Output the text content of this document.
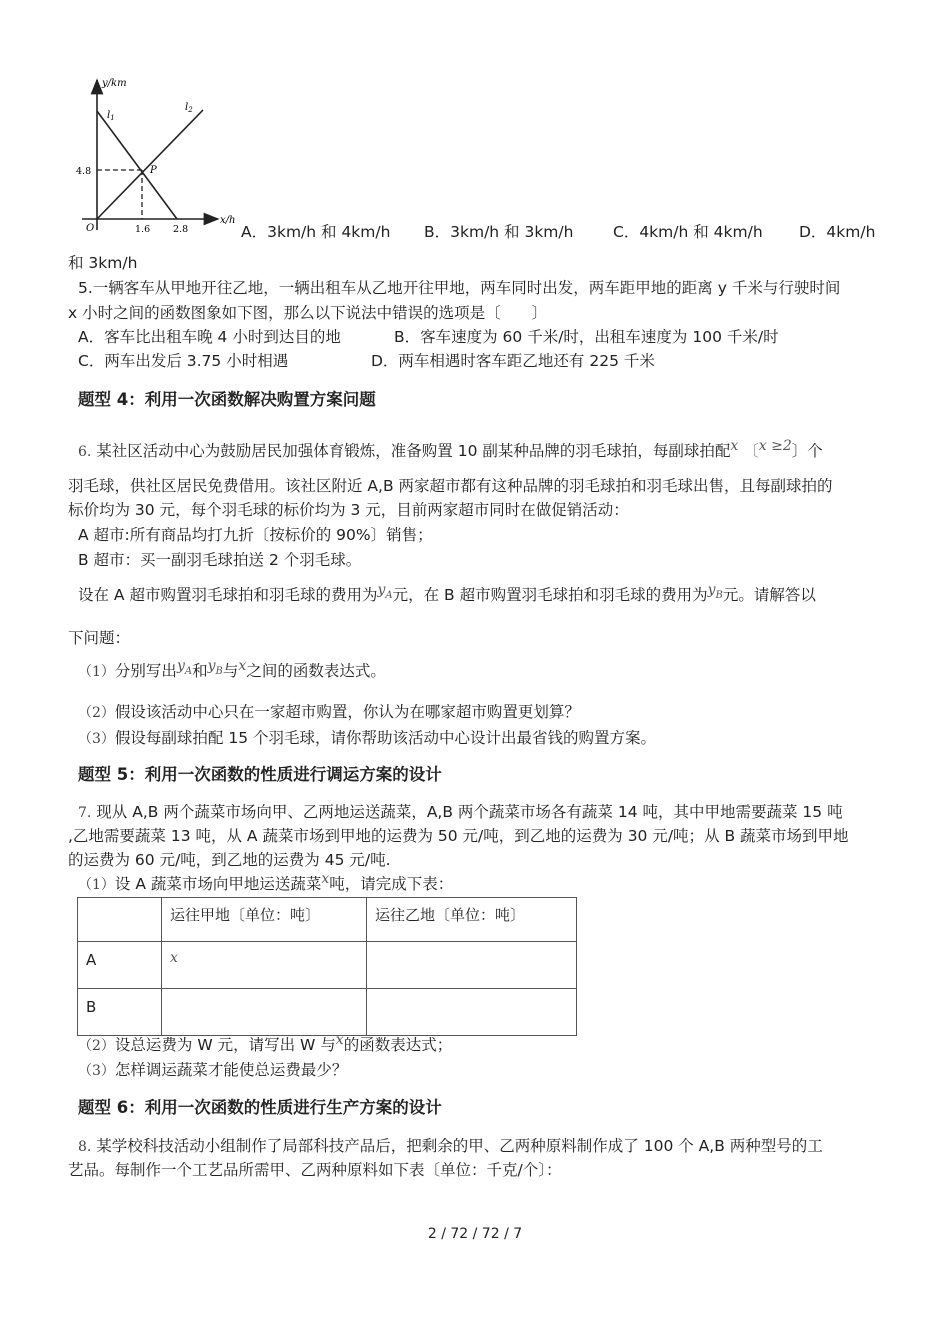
y/km
x/h
O
$l_1$
$l_2$
P
4.8
1.6 2.8	A．3km/h 和 4km/h B．3km/h 和 3km/h	C．4km/h 和 4km/h D．4km/h
和 3km/h
5.一辆客车从甲地开往乙地，一辆出租车从乙地开往甲地，两车同时出发，两车距甲地的距离 y 千米与行驶时间
x 小时之间的函数图象如下图，那么以下说法中错误的选项是〔　　〕
A．客车比出租车晚 4 小时到达目的地	B．客车速度为 60 千米/时，出租车速度为 100 千米/时
C．两车出发后 3.75 小时相遇	D．两车相遇时客车距乙地还有 225 千米
题型 4：利用一次函数解决购置方案问题
6. 某社区活动中心为鼓励居民加强体育锻炼，准备购置 10 副某种品牌的羽毛球拍，每副球拍配x 〔x ≥2〕个
羽毛球，供社区居民免费借用。该社区附近 A,B 两家超市都有这种品牌的羽毛球拍和羽毛球出售，且每副球拍的
标价均为 30 元，每个羽毛球的标价均为 3 元，目前两家超市同时在做促销活动：
A 超市:所有商品均打九折〔按标价的 90%〕销售；
B 超市：买一副羽毛球拍送 2 个羽毛球。
设在 A 超市购置羽毛球拍和羽毛球的费用为yA元，在 B 超市购置羽毛球拍和羽毛球的费用为yB元。请解答以
下问题：
（1）分别写出yA和yB与x之间的函数表达式。
（2）假设该活动中心只在一家超市购置，你认为在哪家超市购置更划算？
（3）假设每副球拍配 15 个羽毛球，请你帮助该活动中心设计出最省钱的购置方案。
题型 5：利用一次函数的性质进行调运方案的设计
7. 现从 A,B 两个蔬菜市场向甲、乙两地运送蔬菜，A,B 两个蔬菜市场各有蔬菜 14 吨，其中甲地需要蔬菜 15 吨
,乙地需要蔬菜 13 吨，从 A 蔬菜市场到甲地的运费为 50 元/吨，到乙地的运费为 30 元/吨；从 B 蔬菜市场到甲地
的运费为 60 元/吨，到乙地的运费为 45 元/吨.
（1）设 A 蔬菜市场向甲地运送蔬菜x吨，请完成下表：
	运往甲地〔单位：吨〕	运往乙地〔单位：吨〕
A	x	
B		
（2）设总运费为 W 元，请写出 W 与x的函数表达式；
（3）怎样调运蔬菜才能使总运费最少？
题型 6：利用一次函数的性质进行生产方案的设计
8. 某学校科技活动小组制作了局部科技产品后，把剩余的甲、乙两种原料制作成了 100 个 A,B 两种型号的工
艺品。每制作一个工艺品所需甲、乙两种原料如下表〔单位：千克/个〕：
2 / 72 / 72 / 7
